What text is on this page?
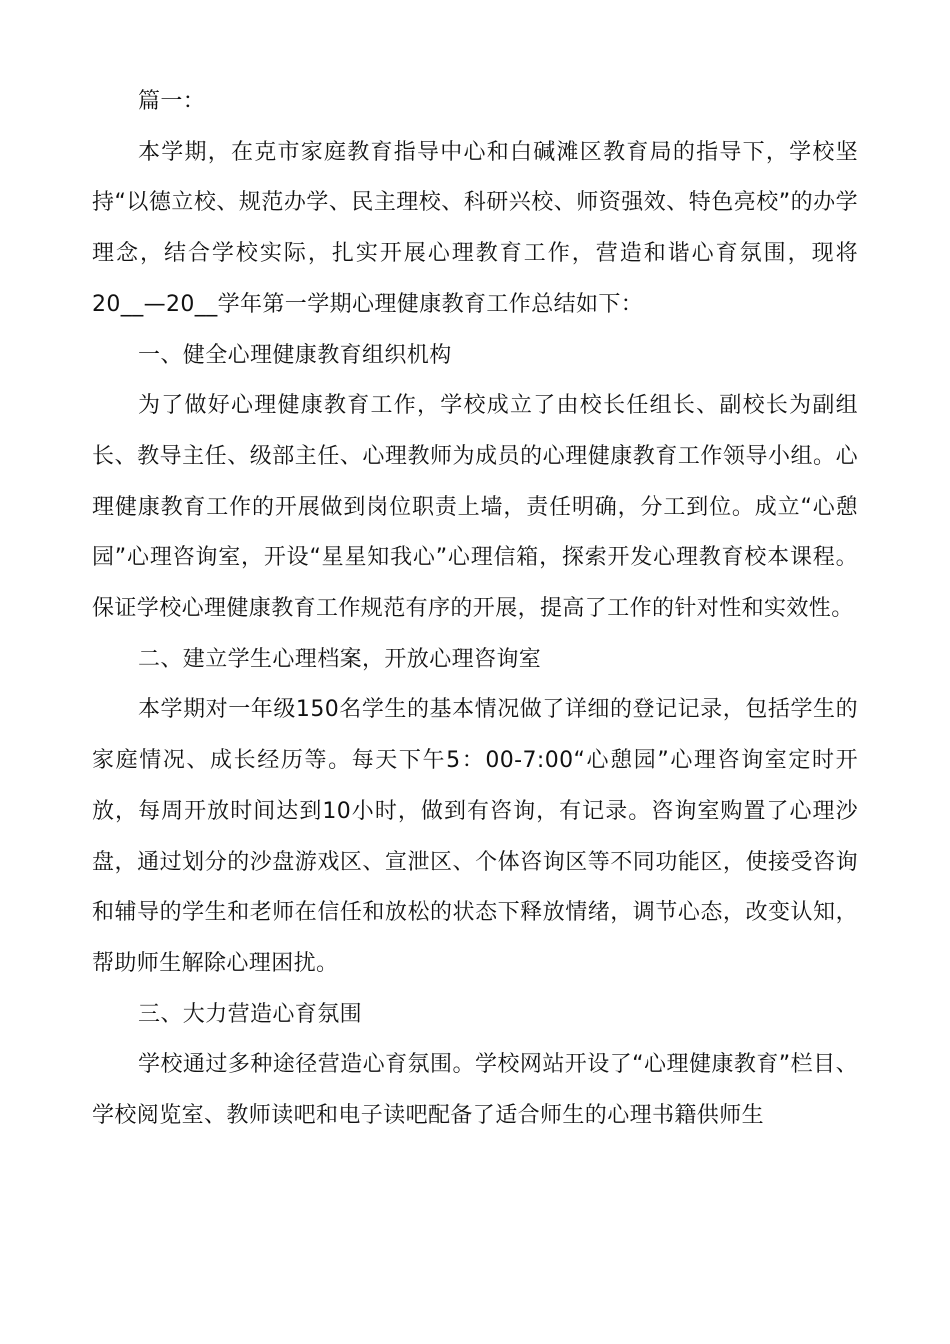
篇一：

本学期，在克市家庭教育指导中心和白碱滩区教育局的指导下，学校坚持“以德立校、规范办学、民主理校、科研兴校、师资强效、特色亮校”的办学理念，结合学校实际，扎实开展心理教育工作，营造和谐心育氛围，现将20__—20__学年第一学期心理健康教育工作总结如下：

一、健全心理健康教育组织机构

为了做好心理健康教育工作，学校成立了由校长任组长、副校长为副组长、教导主任、级部主任、心理教师为成员的心理健康教育工作领导小组。心理健康教育工作的开展做到岗位职责上墙，责任明确，分工到位。成立“心憩园”心理咨询室，开设“星星知我心”心理信箱，探索开发心理教育校本课程。保证学校心理健康教育工作规范有序的开展，提高了工作的针对性和实效性。

二、建立学生心理档案，开放心理咨询室

本学期对一年级150名学生的基本情况做了详细的登记记录，包括学生的家庭情况、成长经历等。每天下午5：00-7:00“心憩园”心理咨询室定时开放，每周开放时间达到10小时，做到有咨询，有记录。咨询室购置了心理沙盘，通过划分的沙盘游戏区、宣泄区、个体咨询区等不同功能区，使接受咨询和辅导的学生和老师在信任和放松的状态下释放情绪，调节心态，改变认知，帮助师生解除心理困扰。

三、大力营造心育氛围

学校通过多种途径营造心育氛围。学校网站开设了“心理健康教育”栏目、学校阅览室、教师读吧和电子读吧配备了适合师生的心理书籍供师生
